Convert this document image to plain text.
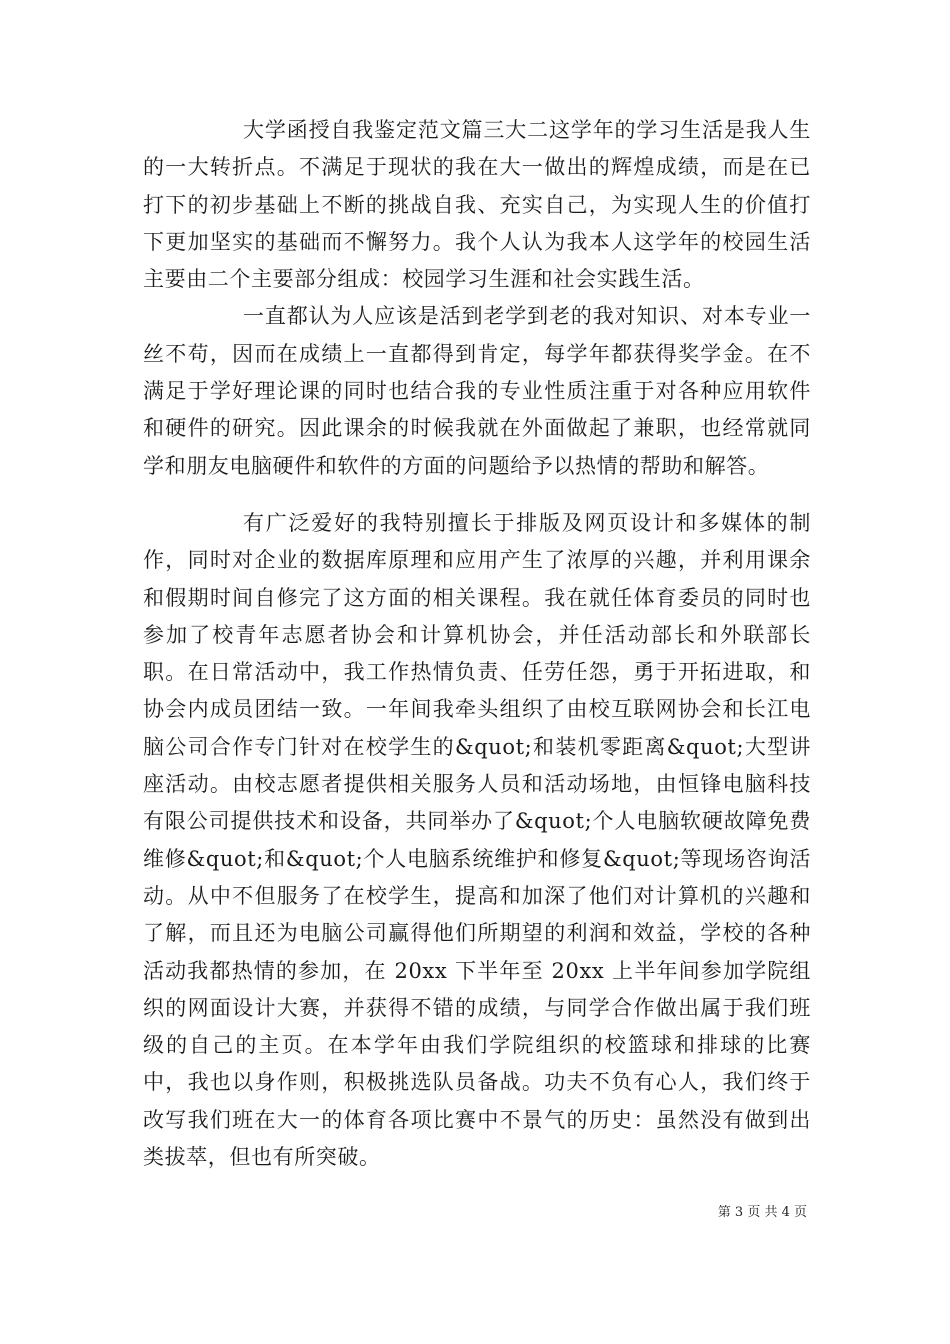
大学函授自我鉴定范文篇三大二这学年的学习生活是我人生的一大转折点。不满足于现状的我在大一做出的辉煌成绩，而是在已打下的初步基础上不断的挑战自我、充实自己，为实现人生的价值打下更加坚实的基础而不懈努力。我个人认为我本人这学年的校园生活主要由二个主要部分组成：校园学习生涯和社会实践生活。

一直都认为人应该是活到老学到老的我对知识、对本专业一丝不苟，因而在成绩上一直都得到肯定，每学年都获得奖学金。在不满足于学好理论课的同时也结合我的专业性质注重于对各种应用软件和硬件的研究。因此课余的时候我就在外面做起了兼职，也经常就同学和朋友电脑硬件和软件的方面的问题给予以热情的帮助和解答。

有广泛爱好的我特别擅长于排版及网页设计和多媒体的制作，同时对企业的数据库原理和应用产生了浓厚的兴趣，并利用课余和假期时间自修完了这方面的相关课程。我在就任体育委员的同时也参加了校青年志愿者协会和计算机协会，并任活动部长和外联部长职。在日常活动中，我工作热情负责、任劳任怨，勇于开拓进取，和协会内成员团结一致。一年间我牵头组织了由校互联网协会和长江电脑公司合作专门针对在校学生的&quot;和装机零距离&quot;大型讲座活动。由校志愿者提供相关服务人员和活动场地，由恒锋电脑科技有限公司提供技术和设备，共同举办了&quot;个人电脑软硬故障免费维修&quot;和&quot;个人电脑系统维护和修复&quot;等现场咨询活动。从中不但服务了在校学生，提高和加深了他们对计算机的兴趣和了解，而且还为电脑公司赢得他们所期望的利润和效益，学校的各种活动我都热情的参加，在 20xx 下半年至 20xx 上半年间参加学院组织的网面设计大赛，并获得不错的成绩，与同学合作做出属于我们班级的自己的主页。在本学年由我们学院组织的校篮球和排球的比赛中，我也以身作则，积极挑选队员备战。功夫不负有心人，我们终于改写我们班在大一的体育各项比赛中不景气的历史：虽然没有做到出类拔萃，但也有所突破。

第 3 页 共 4 页
